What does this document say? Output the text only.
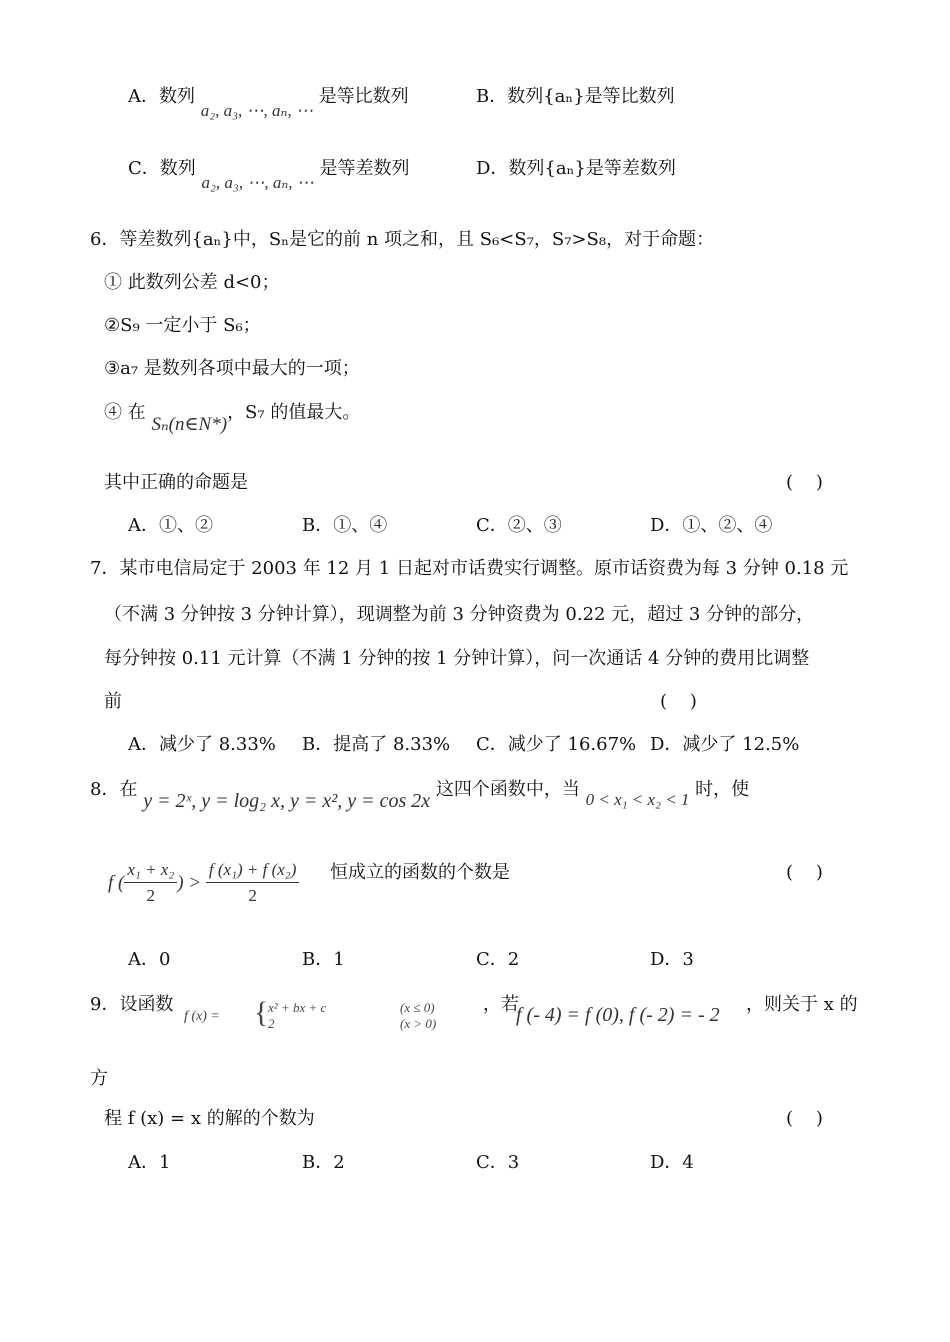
A．数列 a₂, a₃, ⋯, aₙ, ⋯ 是等比数列	B．数列{aₙ}是等比数列
C．数列 a₂, a₃, ⋯, aₙ, ⋯ 是等差数列	D．数列{aₙ}是等差数列
6．等差数列{aₙ}中，Sₙ是它的前 n 项之和，且 S₆<S₇，S₇>S₈，对于命题：
① 此数列公差 d<0；
②S₉ 一定小于 S₆；
③a₇ 是数列各项中最大的一项；
④ 在 Sₙ(n∈N*)，S₇ 的值最大。
其中正确的命题是	(    )
A．①、②	B．①、④	C．②、③	D．①、②、④
7．某市电信局定于 2003 年 12 月 1 日起对市话费实行调整。原市话资费为每 3 分钟 0.18 元
（不满 3 分钟按 3 分钟计算），现调整为前 3 分钟资费为 0.22 元，超过 3 分钟的部分，
每分钟按 0.11 元计算（不满 1 分钟的按 1 分钟计算），问一次通话 4 分钟的费用比调整
前	(    )
A．减少了 8.33% B．提高了 8.33% C．减少了 16.67% D．减少了 12.5%
8．在 y = 2ˣ, y = log₂ x, y = x², y = cos 2x 这四个函数中，当 0 < x₁ < x₂ < 1 时，使
f ( $\frac{\text{x₁ + x₂}}{2}$ ) > $\frac{\text{f (x₁) + f (x₂)}}{2}$ 恒成立的函数的个数是	(    )
A．0	B．1	C．2	D．3
9．设函数
f (x) = { x² + bx + c	(x ≤ 0)
2	(x > 0)
，若
f (- 4) = f (0), f (- 2) = - 2 ，则关于 x 的
方
程 f (x) = x 的解的个数为	(    )
A．1	B．2	C．3	D．4
